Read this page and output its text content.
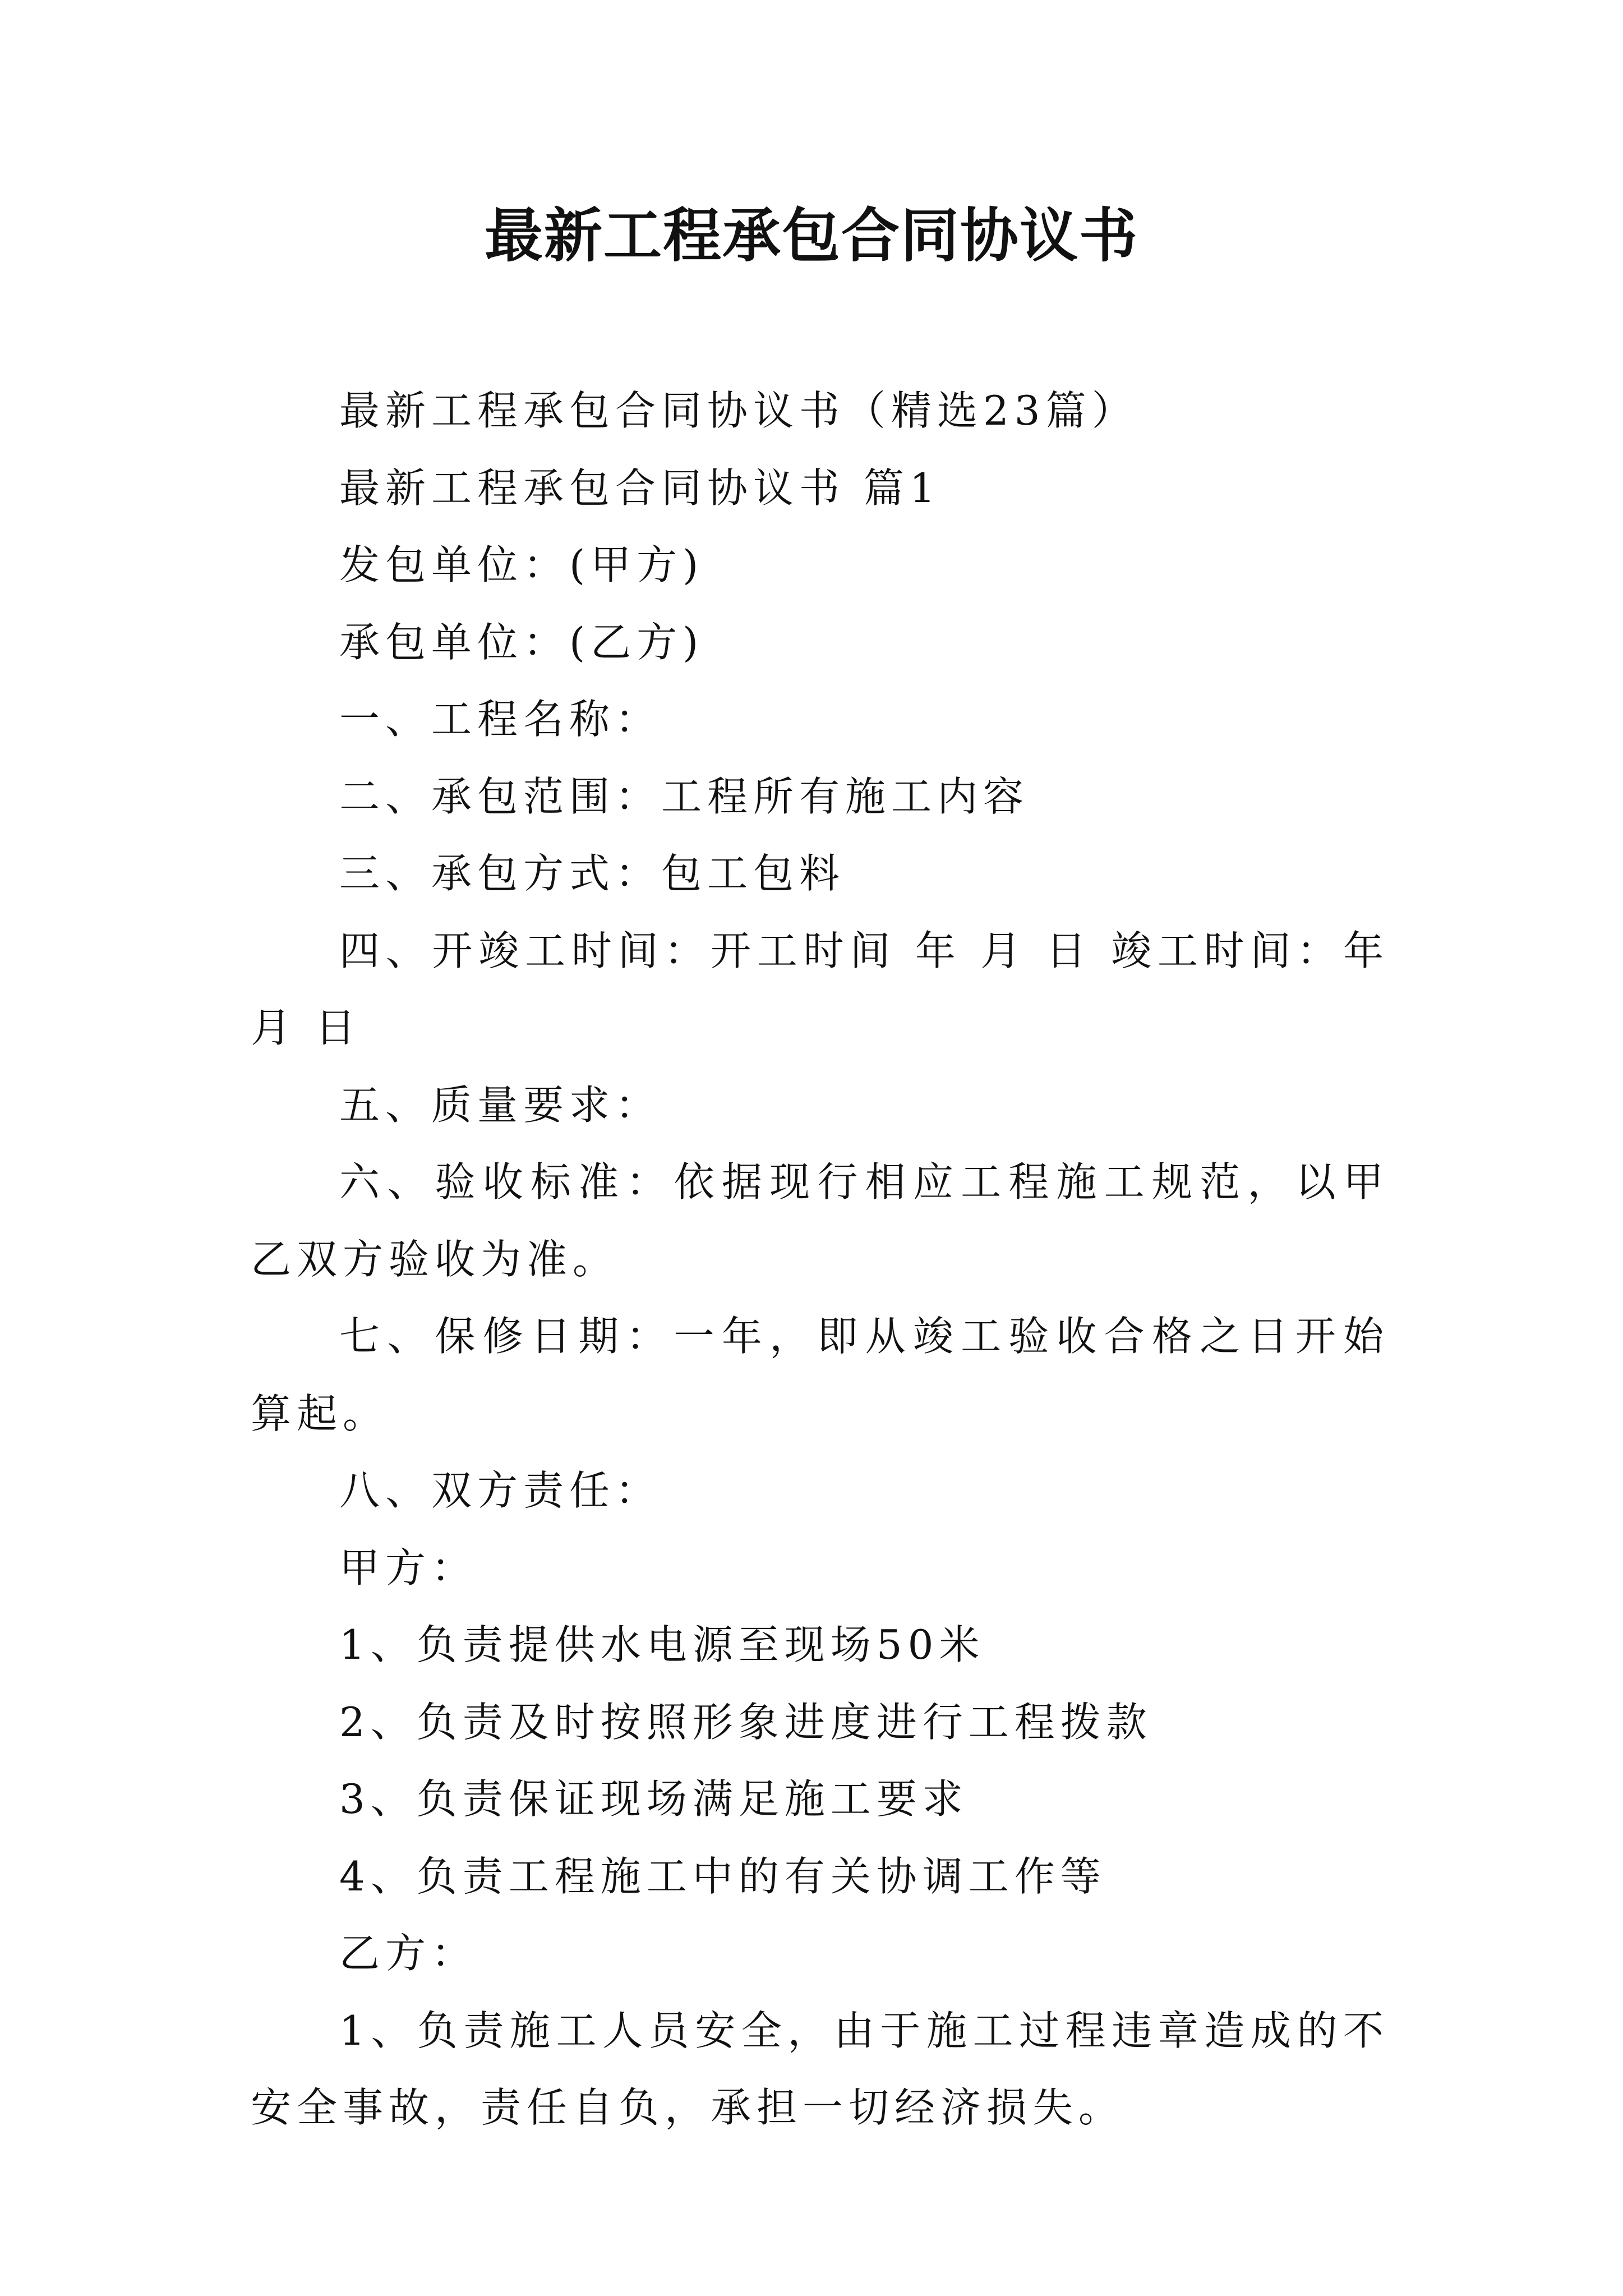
最新工程承包合同协议书

最新工程承包合同协议书（精选23篇）

最新工程承包合同协议书 篇1

发包单位：(甲方)

承包单位：(乙方)

一、工程名称：

二、承包范围：工程所有施工内容

三、承包方式：包工包料

四、开竣工时间：开工时间 年 月 日 竣工时间：年 月 日

五、质量要求：

六、验收标准：依据现行相应工程施工规范，以甲乙双方验收为准。

七、保修日期：一年，即从竣工验收合格之日开始算起。

八、双方责任：

甲方：

1、负责提供水电源至现场50米

2、负责及时按照形象进度进行工程拨款

3、负责保证现场满足施工要求

4、负责工程施工中的有关协调工作等

乙方：

1、负责施工人员安全，由于施工过程违章造成的不安全事故，责任自负，承担一切经济损失。
